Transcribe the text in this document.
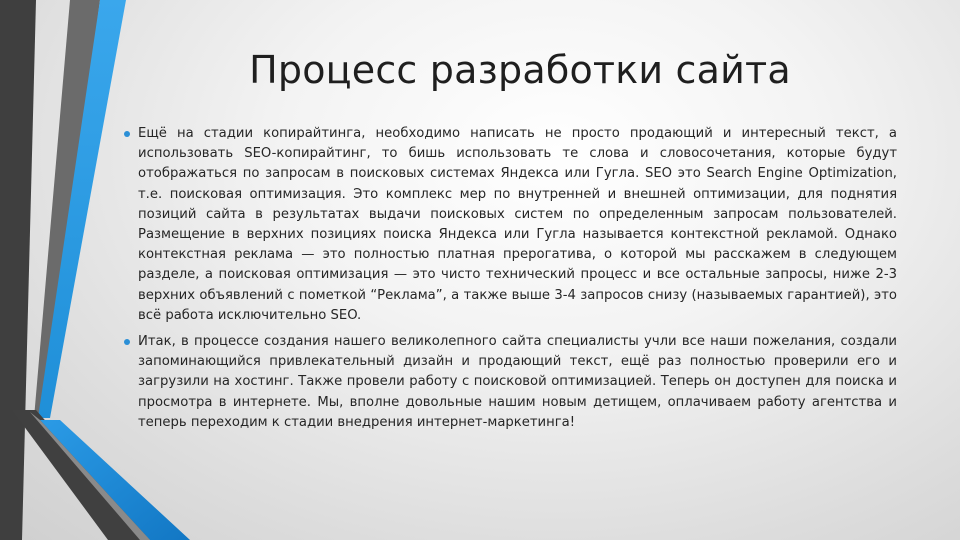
Процесс разработки сайта

Ещё на стадии копирайтинга, необходимо написать не просто продающий и интересный текст, а использовать SEO-копирайтинг, то бишь использовать те слова и словосочетания, которые будут отображаться по запросам в поисковых системах Яндекса или Гугла. SEO это Search Engine Optimization, т.е. поисковая оптимизация. Это комплекс мер по внутренней и внешней оптимизации, для поднятия позиций сайта в результатах выдачи поисковых систем по определенным запросам пользователей. Размещение в верхних позициях поиска Яндекса или Гугла называется контекстной рекламой. Однако контекстная реклама — это полностью платная прерогатива, о которой мы расскажем в следующем разделе, а поисковая оптимизация — это чисто технический процесс и все остальные запросы, ниже 2-3 верхних объявлений с пометкой “Реклама”, а также выше 3-4 запросов снизу (называемых гарантией), это всё работа исключительно SEO.

Итак, в процессе создания нашего великолепного сайта специалисты учли все наши пожелания, создали запоминающийся привлекательный дизайн и продающий текст, ещё раз полностью проверили его и загрузили на хостинг. Также провели работу с поисковой оптимизацией. Теперь он доступен для поиска и просмотра в интернете. Мы, вполне довольные нашим новым детищем, оплачиваем работу агентства и теперь переходим к стадии внедрения интернет-маркетинга!
